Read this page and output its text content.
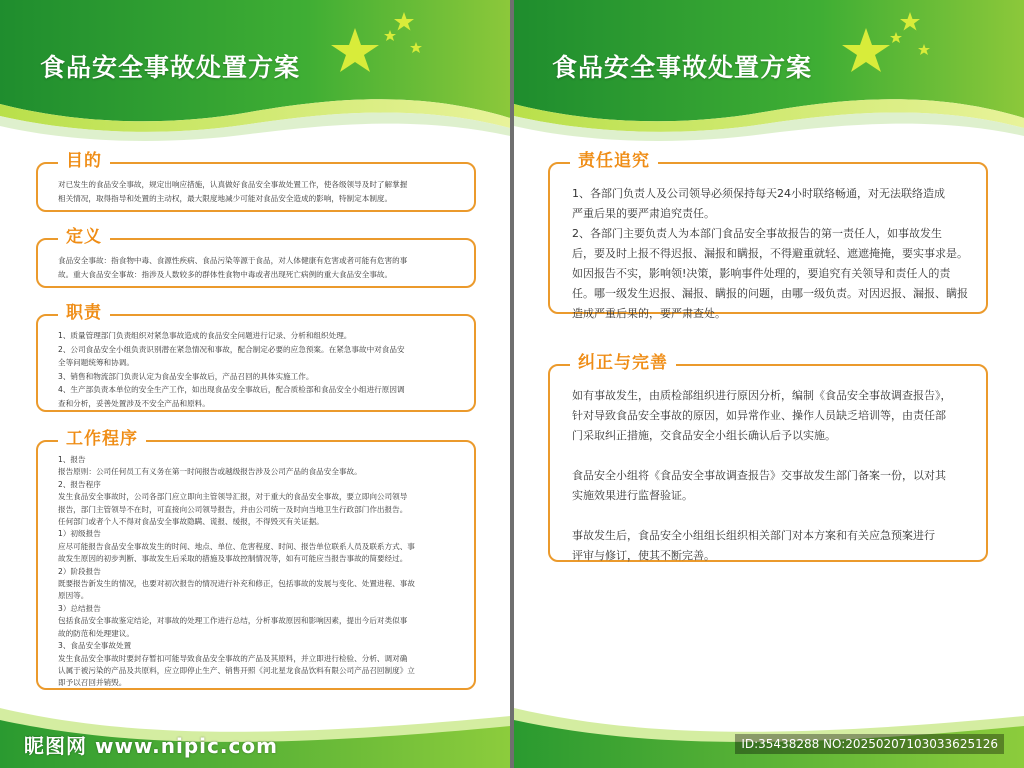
食品安全事故处置方案
目的

对已发生的食品安全事故，规定出响应措施，认真做好食品安全事故处置工作，使各级领导及时了解掌握

相关情况，取得指导和处置的主动权，最大限度地减少可能对食品安全造成的影响，特制定本制度。

定义

食品安全事故：指食物中毒、食源性疾病、食品污染等源于食品，对人体健康有危害或者可能有危害的事

故。重大食品安全事故：指涉及人数较多的群体性食物中毒或者出现死亡病例的重大食品安全事故。

职责

1、质量管理部门负责组织对紧急事故造成的食品安全问题进行记录、分析和组织处理。

2、公司食品安全小组负责识别潜在紧急情况和事故，配合制定必要的应急预案。在紧急事故中对食品安

全等问题统筹和协调。

3、销售和物流部门负责认定为食品安全事故后，产品召回的具体实施工作。

4、生产部负责本单位的安全生产工作，如出现食品安全事故后，配合质检部和食品安全小组进行原因调

查和分析，妥善处置涉及不安全产品和原料。

工作程序

1、报告

报告原则：公司任何员工有义务在第一时间报告或越级报告涉及公司产品的食品安全事故。

2、报告程序

发生食品安全事故时，公司各部门应立即向主管领导汇报，对于重大的食品安全事故，要立即向公司领导

报告，部门主管领导不在时，可直接向公司领导报告，并由公司统一及时向当地卫生行政部门作出报告。

任何部门或者个人不得对食品安全事故隐瞒、谎报、缓报，不得毁灭有关证据。

1）初级报告

应尽可能报告食品安全事故发生的时间、地点、单位、危害程度、时间、报告单位联系人员及联系方式、事

故发生原因的初步判断、事故发生后采取的措施及事故控制情况等，如有可能应当报告事故的简要经过。

2）阶段报告

既要报告新发生的情况，也要对初次报告的情况进行补充和修正，包括事故的发展与变化、处置进程、事故

原因等。

3）总结报告

包括食品安全事故鉴定结论，对事故的处理工作进行总结，分析事故原因和影响因素，提出今后对类似事

故的防范和处理建议。

3、食品安全事故处置

发生食品安全事故时要封存暂扣可能导致食品安全事故的产品及其原料，并立即进行检验、分析、调对确

认属于被污染的产品及共原料，应立即停止生产、销售开照《河北星龙食品饮料有限公司产品召回制度》立

即予以召回并销毁。

昵图网 www.nipic.com
食品安全事故处置方案
责任追究

1、各部门负责人及公司领导必须保持每天24小时联络畅通，对无法联络造成

严重后果的要严肃追究责任。

2、各部门主要负责人为本部门食品安全事故报告的第一责任人，如事故发生

后，要及时上报不得迟报、漏报和瞒报，不得避重就轻、遮遮掩掩，要实事求是。

如因报告不实，影响领!决策，影响事件处理的，要追究有关领导和责任人的责

任。哪一级发生迟报、漏报、瞒报的问题，由哪一级负责。对因迟报、漏报、瞒报

造成严重后果的，要严肃查处。

纠正与完善

如有事故发生，由质检部组织进行原因分析，编制《食品安全事故调查报告》，

针对导致食品安全事故的原因，如异常作业、操作人员缺乏培训等，由责任部

门采取纠正措施，交食品安全小组长确认后予以实施。

食品安全小组将《食品安全事故调查报告》交事故发生部门备案一份，以对其

实施效果进行监督验证。

事故发生后，食品安全小组组长组织相关部门对本方案和有关应急预案进行

评审与修订，使其不断完善。

ID:35438288 NO:20250207103033625126
